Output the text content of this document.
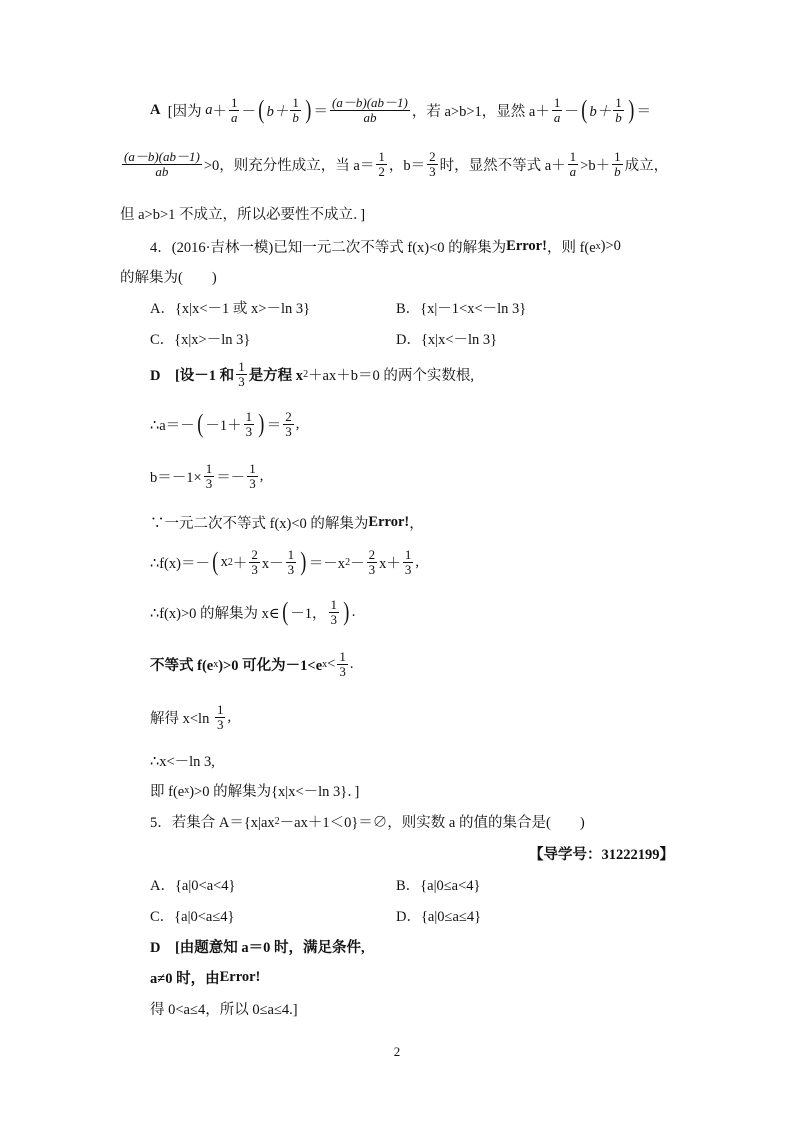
A
[因为
$a + \frac{1}{a}$ － ( $b+ \frac{1}{b}$ ) ＝ $\frac{(a-b)(ab-1)}{ab}$ ，若 a>b>1，显然 $a + \frac{1}{a}$ － ( $b+ \frac{1}{b}$ ) ＝
$\frac{(a-b)(ab-1)}{ab} >0$，则充分性成立，当 $a= \frac{1}{2}$ ，$b= \frac{2}{3}$ 时，显然不等式 $a+ \frac{1}{a} >b+ \frac{1}{b}$ 成立，
但 a>b>1 不成立，所以必要性不成立．]
4．(2016·吉林一模)已知一元二次不等式 f(x)<0 的解集为 Error! ，则 f(e x )>0
的解集为(　　)
A．{x|x<－1 或 x>－ln 3}	B．{x|－1<x<－ln 3}
C．{x|x>－ln 3}	D．{x|x<－ln 3}
D　[设－1 和 $\frac{1}{3}$ 是方程 x 2 ＋ax＋b＝0 的两个实数根,
∴a＝－ ( $-1+ \frac{1}{3}$ ) ＝ $\frac{2}{3}$ ,
$b=-1\times \frac{1}{3} =- \frac{1}{3}$ ,
∵一元二次不等式 f(x)<0 的解集为 Error! ，
∴f(x)＝－ ( x $2 + \frac{2}{3} x- \frac{1}{3}$ ) ＝－x $2 - \frac{2}{3} x+ \frac{1}{3}$ ,
∴f(x)>0 的解集为 x∈ ( －1， $\frac{1}{3}$ ) .
不等式 f(e x )>0 可化为－1<e $x < \frac{1}{3}$ .
解得 x<ln
$\frac{1}{3}$ ,
∴x<－ln 3,
即 f(e x )>0 的解集为{x|x<－ln 3}．]
5．若集合 A＝{x|ax 2 －ax＋1＜0}＝∅，则实数 a 的值的集合是(　　)
【导学号：31222199】
A．{a|0<a<4}	B．{a|0≤a<4}
C．{a|0<a≤4}	D．{a|0≤a≤4}
D　[由题意知 a＝0 时，满足条件,
a≠0 时，由 Error!
得 0<a≤4，所以 0≤a≤4.]
2
